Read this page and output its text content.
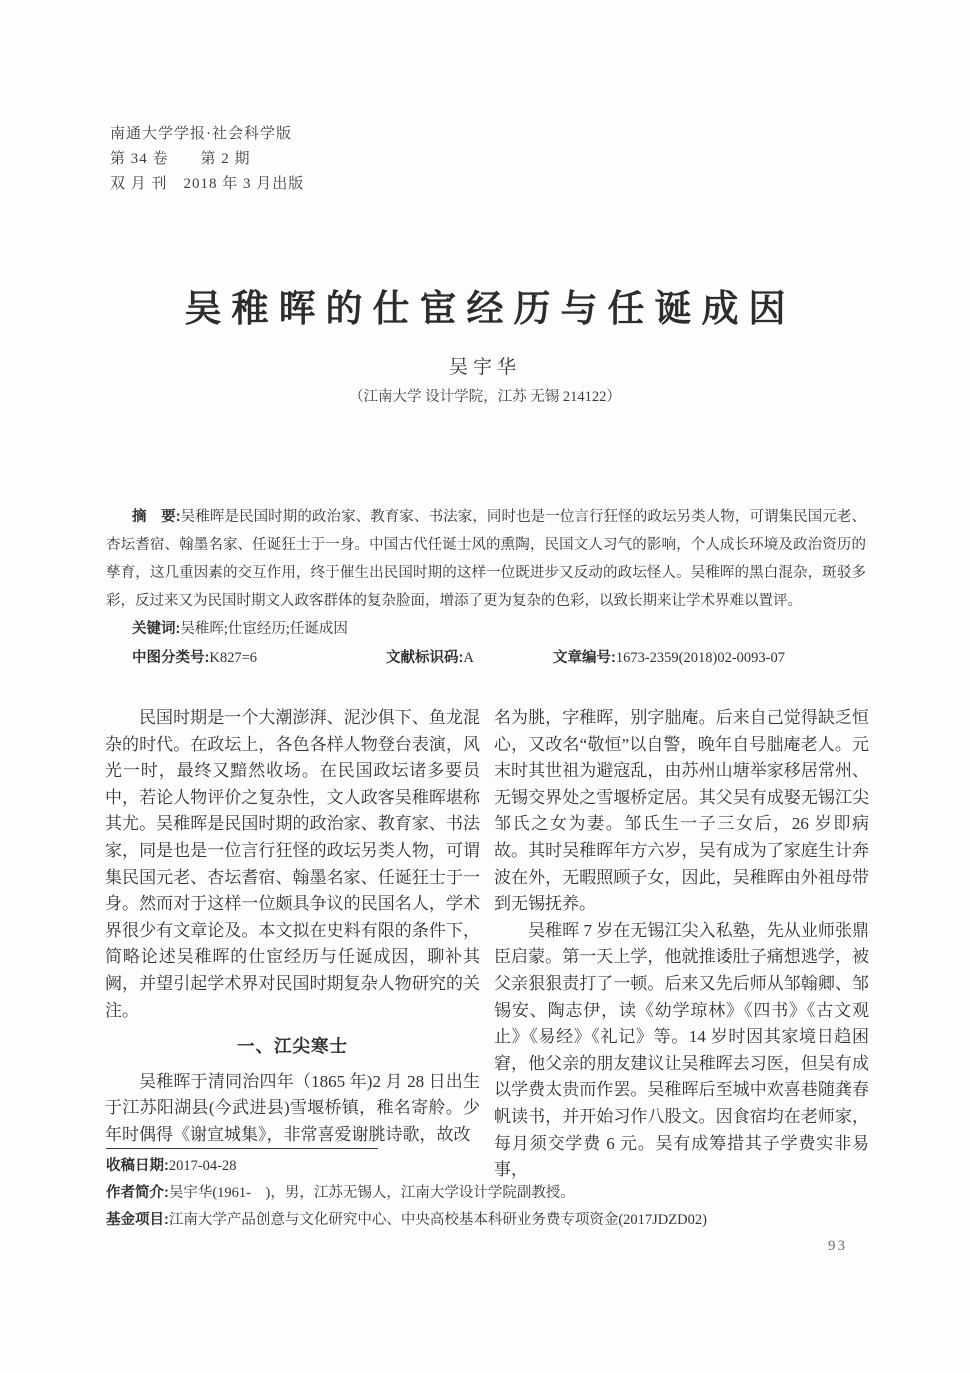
南通大学学报·社会科学版
第 34 卷　　第 2 期
双 月 刊　2018 年 3 月出版
吴稚晖的仕宦经历与任诞成因
吴宇华
（江南大学 设计学院，江苏 无锡 214122）

摘　要:吴稚晖是民国时期的政治家、教育家、书法家，同时也是一位言行狂怪的政坛另类人物，可谓集民国元老、杏坛耆宿、翰墨名家、任诞狂士于一身。中国古代任诞士风的熏陶，民国文人习气的影响，个人成长环境及政治资历的孳育，这几重因素的交互作用，终于催生出民国时期的这样一位既进步又反动的政坛怪人。吴稚晖的黑白混杂，斑驳多彩，反过来又为民国时期文人政客群体的复杂脸面，增添了更为复杂的色彩，以致长期来让学术界难以置评。

关键词:吴稚晖;仕宦经历;任诞成因

中图分类号:K827=6	文献标识码:A	文章编号:1673-2359(2018)02-0093-07

民国时期是一个大潮澎湃、泥沙俱下、鱼龙混杂的时代。在政坛上，各色各样人物登台表演，风光一时，最终又黯然收场。在民国政坛诸多要员中，若论人物评价之复杂性，文人政客吴稚晖堪称其尤。吴稚晖是民国时期的政治家、教育家、书法家，同是也是一位言行狂怪的政坛另类人物，可谓集民国元老、杏坛耆宿、翰墨名家、任诞狂士于一身。然而对于这样一位颇具争议的民国名人，学术界很少有文章论及。本文拟在史料有限的条件下，简略论述吴稚晖的仕宦经历与任诞成因，聊补其阙，并望引起学术界对民国时期复杂人物研究的关注。

一、江尖寒士

吴稚晖于清同治四年（1865 年)2 月 28 日出生于江苏阳湖县(今武进县)雪堰桥镇，稚名寄舲。少年时偶得《谢宣城集》，非常喜爱谢朓诗歌，故改

名为朓，字稚晖，别字朏庵。后来自己觉得缺乏恒心，又改名“敬恒”以自警，晚年自号朏庵老人。元末时其世祖为避寇乱，由苏州山塘举家移居常州、无锡交界处之雪堰桥定居。其父吴有成娶无锡江尖邹氏之女为妻。邹氏生一子三女后，26 岁即病故。其时吴稚晖年方六岁，吴有成为了家庭生计奔波在外，无暇照顾子女，因此，吴稚晖由外祖母带到无锡抚养。

吴稚晖 7 岁在无锡江尖入私塾，先从业师张鼎臣启蒙。第一天上学，他就推诿肚子痛想逃学，被父亲狠狠责打了一顿。后来又先后师从邹翰卿、邹锡安、陶志伊，读《幼学琼林》《四书》《古文观止》《易经》《礼记》等。14 岁时因其家境日趋困窘，他父亲的朋友建议让吴稚晖去习医，但吴有成以学费太贵而作罢。吴稚晖后至城中欢喜巷随龚春帆读书，并开始习作八股文。因食宿均在老师家，每月须交学费 6 元。吴有成筹措其子学费实非易事，

收稿日期:2017-04-28
作者简介:吴宇华(1961-　)，男，江苏无锡人，江南大学设计学院副教授。
基金项目:江南大学产品创意与文化研究中心、中央高校基本科研业务费专项资金(2017JDZD02)
93
